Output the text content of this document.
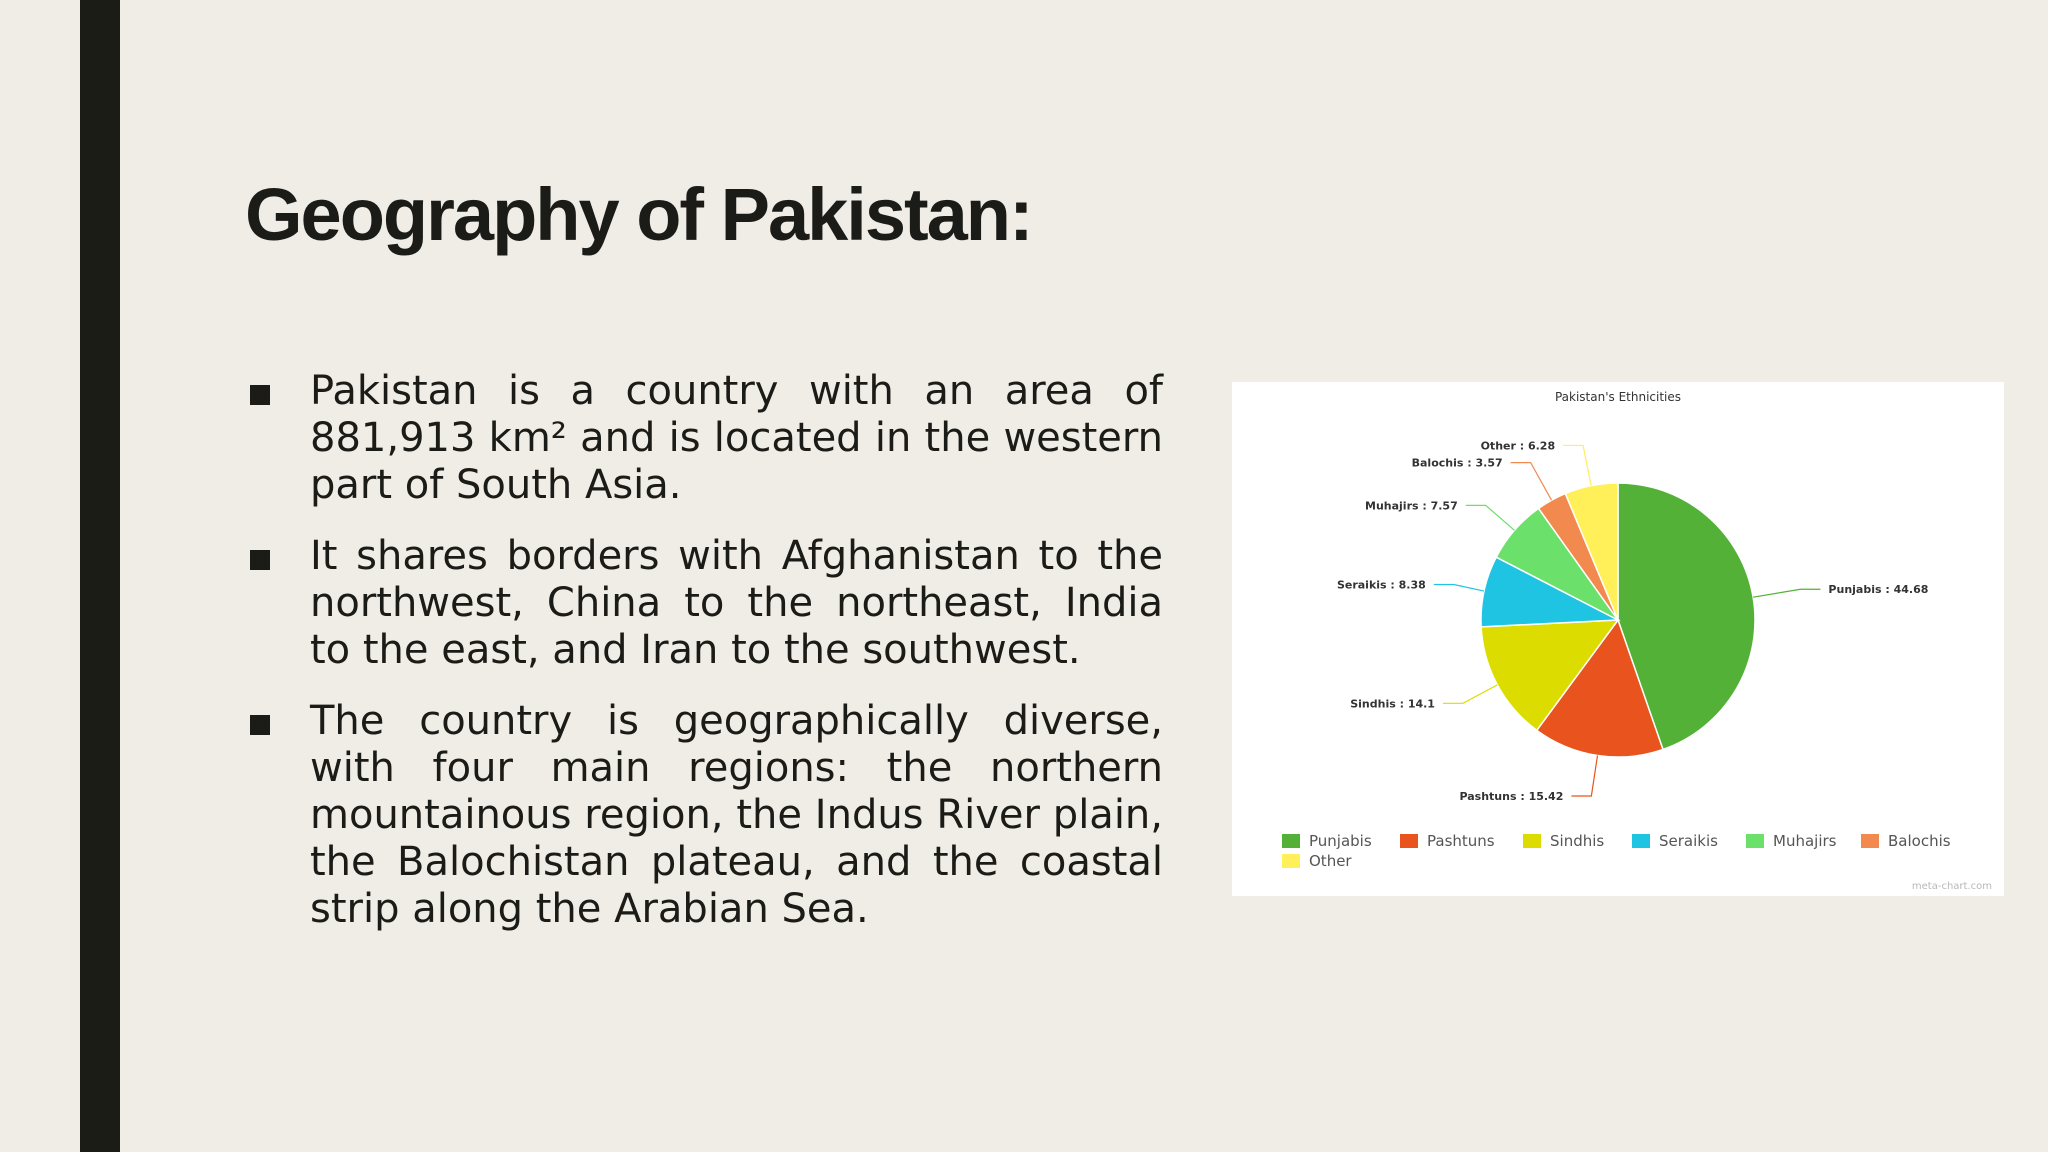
Geography of Pakistan:
Pakistan is a country with an area of 881,913 km² and is located in the western part of South Asia.
It shares borders with Afghanistan to the northwest, China to the northeast, India to the east, and Iran to the southwest.
The country is geographically diverse, with four main regions: the northern mountainous region, the Indus River plain, the Balochistan plateau, and the coastal strip along the Arabian Sea.
Pakistan's Ethnicities
Punjabis : 44.68
Pashtuns : 15.42
Sindhis : 14.1
Seraikis : 8.38
Muhajirs : 7.57
Balochis : 3.57
Other : 6.28
Punjabis	Pashtuns	Sindhis	Seraikis	Muhajirs	Balochis
Other
meta-chart.com
